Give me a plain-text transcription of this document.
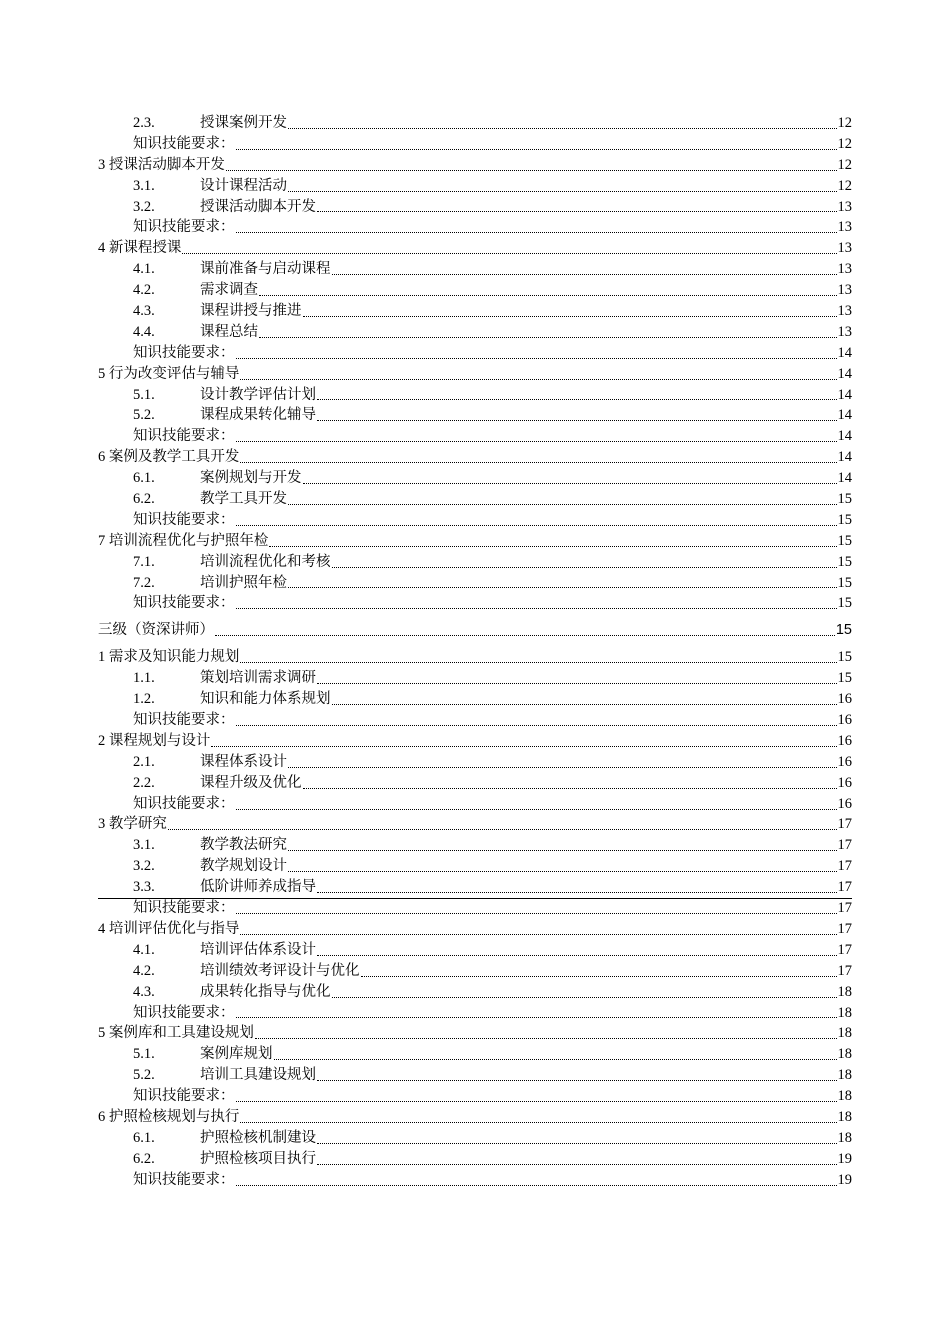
2.3.	授课案例开发	12
知识技能要求：	12
3 授课活动脚本开发	12
3.1.	设计课程活动	12
3.2.	授课活动脚本开发	13
知识技能要求：	13
4 新课程授课	13
4.1.	课前准备与启动课程	13
4.2.	需求调查	13
4.3.	课程讲授与推进	13
4.4.	课程总结	13
知识技能要求：	14
5 行为改变评估与辅导	14
5.1.	设计教学评估计划	14
5.2.	课程成果转化辅导	14
知识技能要求：	14
6 案例及教学工具开发	14
6.1.	案例规划与开发	14
6.2.	教学工具开发	15
知识技能要求：	15
7 培训流程优化与护照年检	15
7.1.	培训流程优化和考核	15
7.2.	培训护照年检	15
知识技能要求：	15
三级（资深讲师）	15
1 需求及知识能力规划	15
1.1.	策划培训需求调研	15
1.2.	知识和能力体系规划	16
知识技能要求：	16
2 课程规划与设计	16
2.1.	课程体系设计	16
2.2.	课程升级及优化	16
知识技能要求：	16
3 教学研究	17
3.1.	教学教法研究	17
3.2.	教学规划设计	17
3.3.	低阶讲师养成指导	17
知识技能要求：	17
4 培训评估优化与指导	17
4.1.	培训评估体系设计	17
4.2.	培训绩效考评设计与优化	17
4.3.	成果转化指导与优化	18
知识技能要求：	18
5 案例库和工具建设规划	18
5.1.	案例库规划	18
5.2.	培训工具建设规划	18
知识技能要求：	18
6 护照检核规划与执行	18
6.1.	护照检核机制建设	18
6.2.	护照检核项目执行	19
知识技能要求：	19
